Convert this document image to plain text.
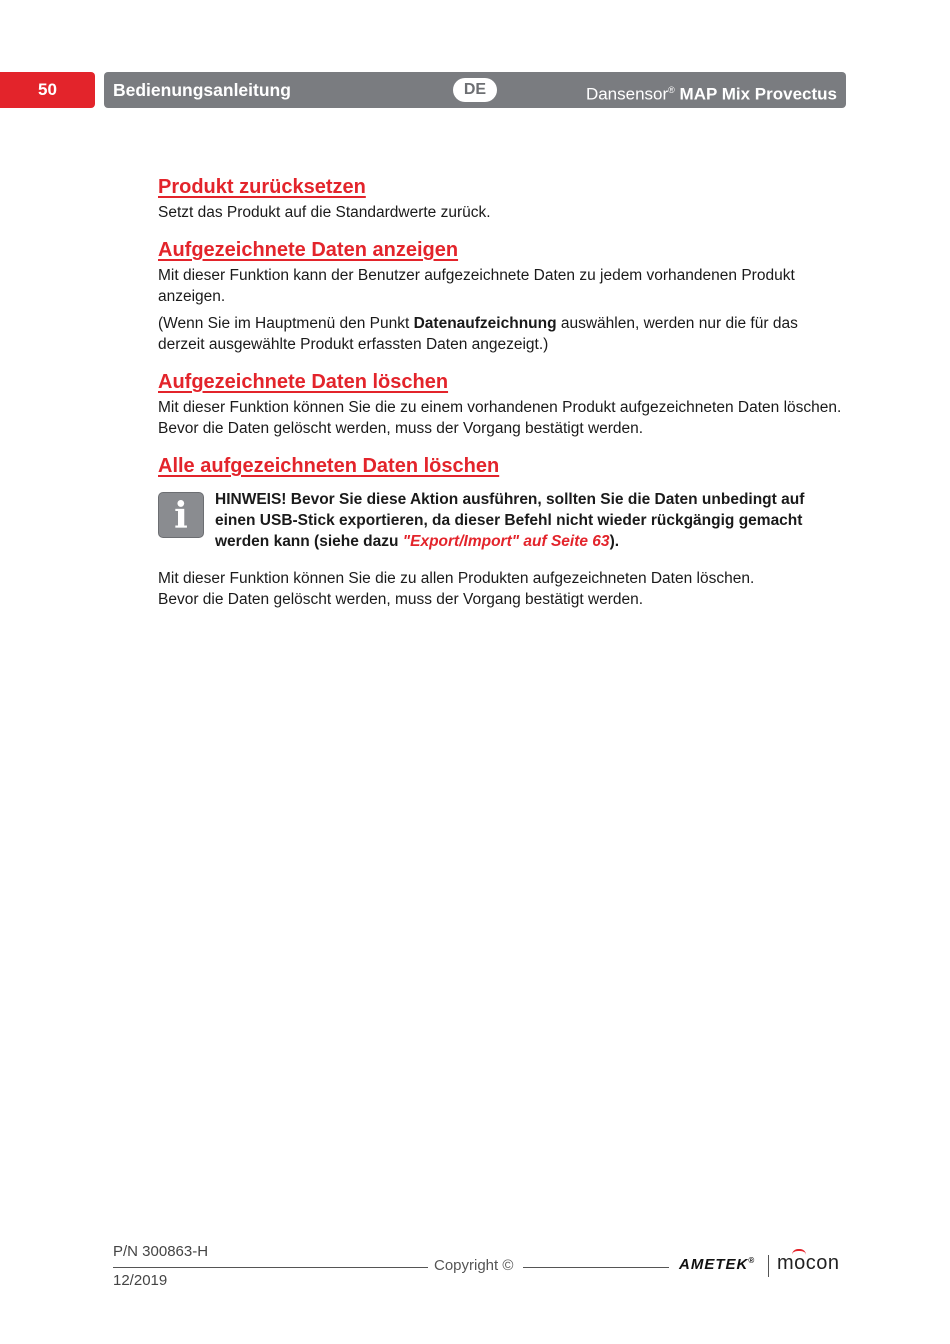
50	Bedienungsanleitung	DE	Dansensor® MAP Mix Provectus
Produkt zurücksetzen

Setzt das Produkt auf die Standardwerte zurück.

Aufgezeichnete Daten anzeigen

Mit dieser Funktion kann der Benutzer aufgezeichnete Daten zu jedem vorhandenen Produkt anzeigen.

(Wenn Sie im Hauptmenü den Punkt Datenaufzeichnung auswählen, werden nur die für das derzeit ausgewählte Produkt erfassten Daten angezeigt.)

Aufgezeichnete Daten löschen

Mit dieser Funktion können Sie die zu einem vorhandenen Produkt aufgezeichneten Daten löschen.

Bevor die Daten gelöscht werden, muss der Vorgang bestätigt werden.

Alle aufgezeichneten Daten löschen
i	HINWEIS! Bevor Sie diese Aktion ausführen, sollten Sie die Daten unbedingt auf einen USB-Stick exportieren, da dieser Befehl nicht wieder rückgängig gemacht werden kann (siehe dazu "Export/Import" auf Seite 63).

Mit dieser Funktion können Sie die zu allen Produkten aufgezeichneten Daten löschen.

Bevor die Daten gelöscht werden, muss der Vorgang bestätigt werden.

P/N 300863-H
Copyright ©
12/2019
AMETEK® mocon
